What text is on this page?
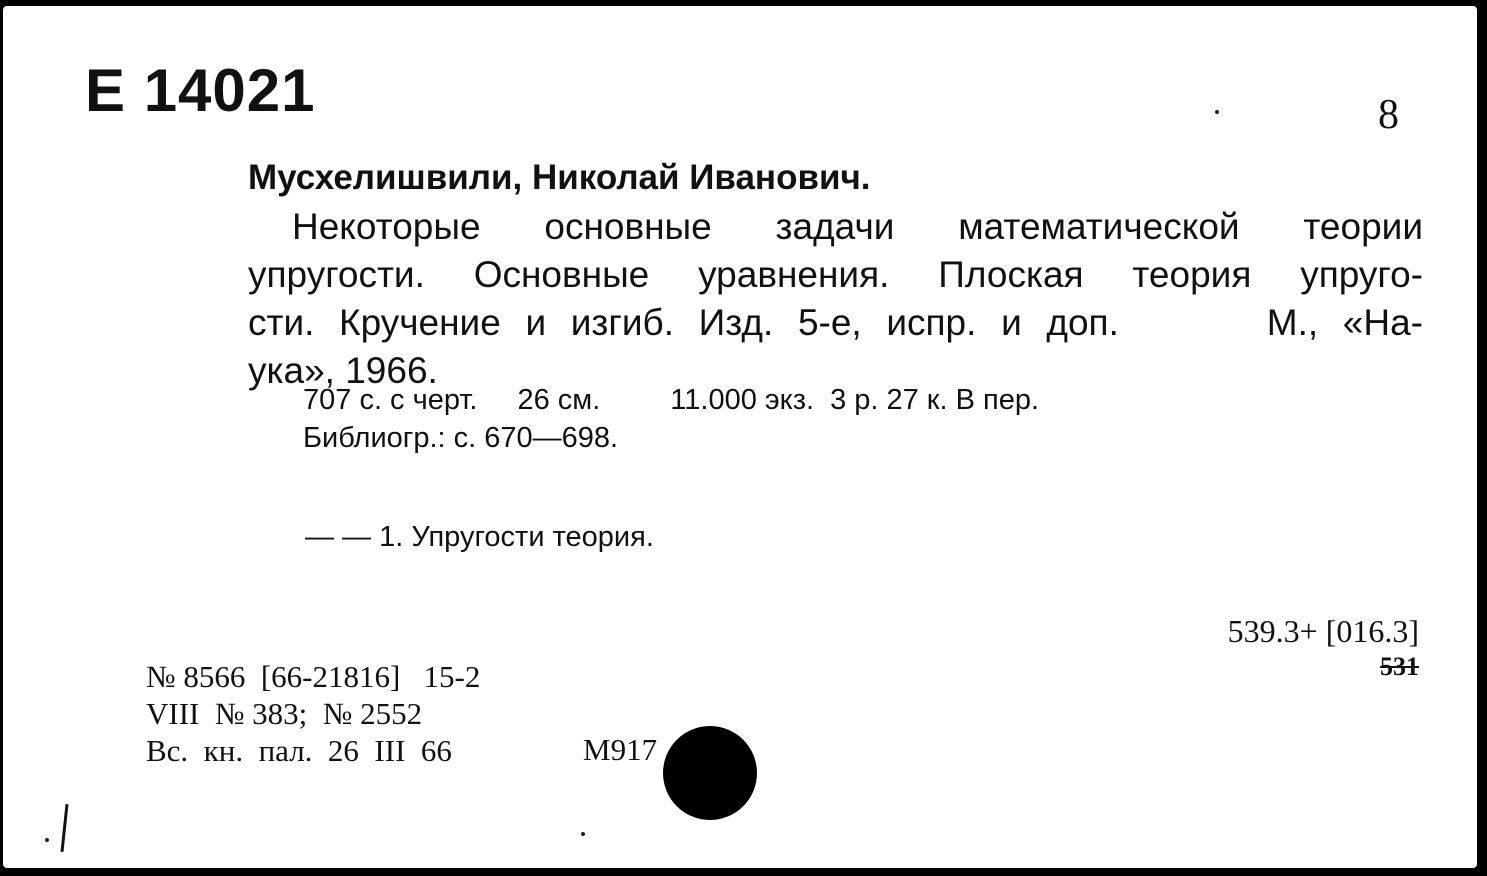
Е 14021	8
Мусхелишвили, Николай Иванович.
Некоторые основные задачи математической теории
упругости. Основные уравнения. Плоская теория упруго-
сти. Кручение и изгиб. Изд. 5-е, испр. и доп.      М., «На-
ука», 1966.
707 с. с черт. 26 см. 11.000 экз. 3 р. 27 к. В пер.
Библиогр.: с. 670—698.
— — 1. Упругости теория.
539.3+ [016.3]
531
№ 8566  [66-21816]   15-2
VIII  № 383;  № 2552
Вс.  кн.  пал.  26  III  66	М917
